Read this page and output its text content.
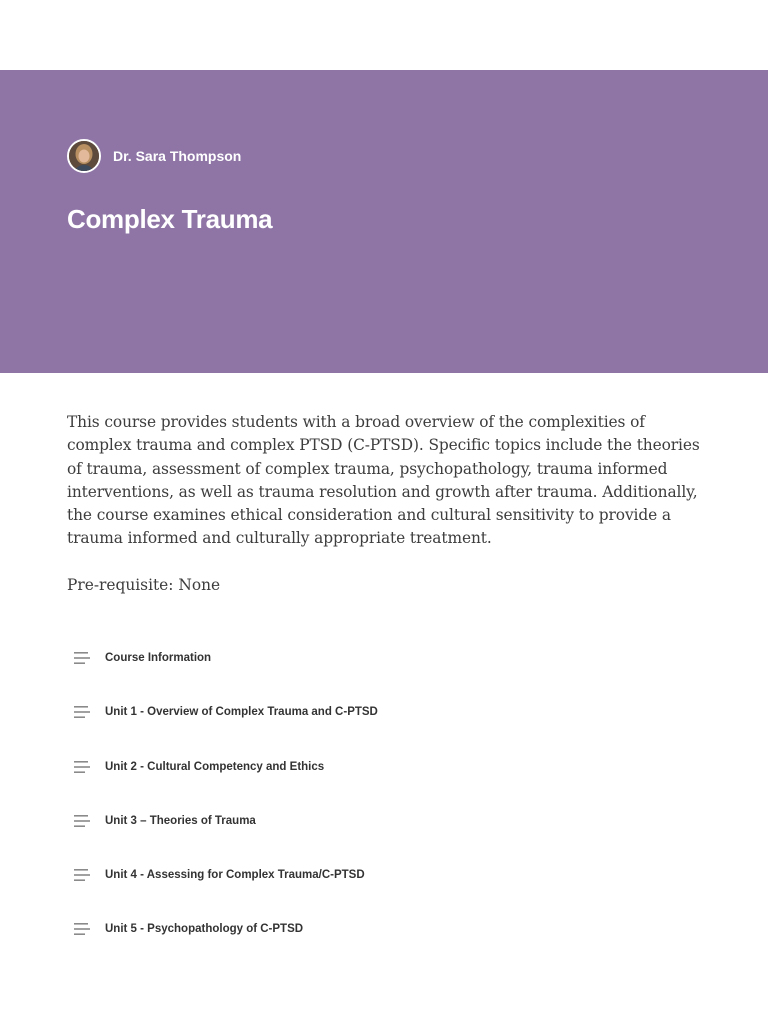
Dr. Sara Thompson
Complex Trauma

This course provides students with a broad overview of the complexities of complex trauma and complex PTSD (C-PTSD). Specific topics include the theories of trauma, assessment of complex trauma, psychopathology, trauma informed interventions, as well as trauma resolution and growth after trauma. Additionally, the course examines ethical consideration and cultural sensitivity to provide a trauma informed and culturally appropriate treatment.

Pre-requisite: None

Course Information
Unit 1 - Overview of Complex Trauma and C-PTSD
Unit 2 - Cultural Competency and Ethics
Unit 3 – Theories of Trauma
Unit 4 - Assessing for Complex Trauma/C-PTSD
Unit 5 - Psychopathology of C-PTSD
